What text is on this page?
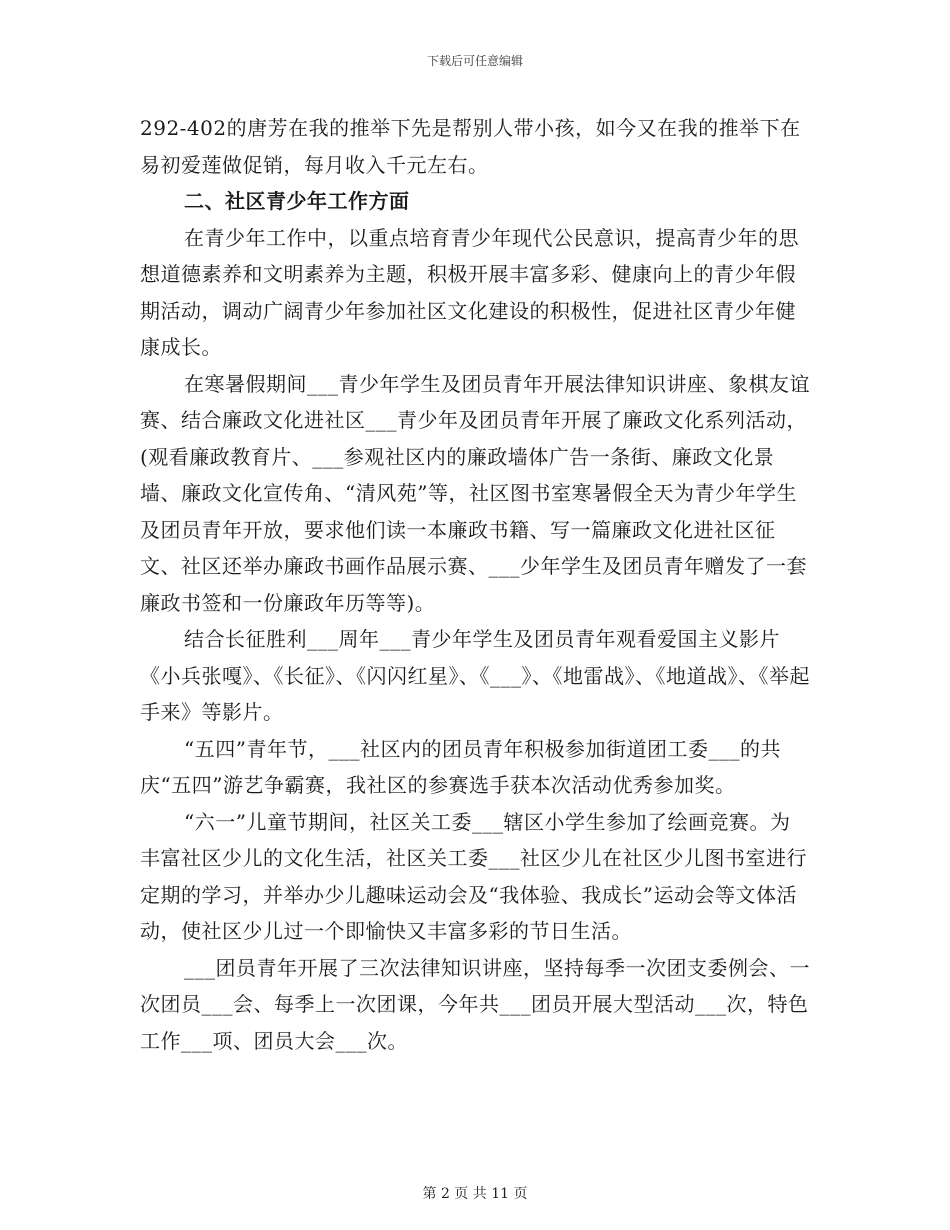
下载后可任意编辑

292-402的唐芳在我的推举下先是帮别人带小孩，如今又在我的推举下在易初爱莲做促销，每月收入千元左右。

二、社区青少年工作方面

在青少年工作中，以重点培育青少年现代公民意识，提高青少年的思想道德素养和文明素养为主题，积极开展丰富多彩、健康向上的青少年假期活动，调动广阔青少年参加社区文化建设的积极性，促进社区青少年健康成长。

在寒暑假期间___青少年学生及团员青年开展法律知识讲座、象棋友谊赛、结合廉政文化进社区___青少年及团员青年开展了廉政文化系列活动，(观看廉政教育片、___参观社区内的廉政墙体广告一条街、廉政文化景墙、廉政文化宣传角、“清风苑”等，社区图书室寒暑假全天为青少年学生及团员青年开放，要求他们读一本廉政书籍、写一篇廉政文化进社区征文、社区还举办廉政书画作品展示赛、___少年学生及团员青年赠发了一套廉政书签和一份廉政年历等等)。

结合长征胜利___周年___青少年学生及团员青年观看爱国主义影片《小兵张嘎》、《长征》、《闪闪红星》、《___》、《地雷战》、《地道战》、《举起手来》等影片。

“五四”青年节，___社区内的团员青年积极参加街道团工委___的共庆“五四”游艺争霸赛，我社区的参赛选手获本次活动优秀参加奖。

“六一”儿童节期间，社区关工委___辖区小学生参加了绘画竞赛。为丰富社区少儿的文化生活，社区关工委___社区少儿在社区少儿图书室进行定期的学习，并举办少儿趣味运动会及“我体验、我成长”运动会等文体活动，使社区少儿过一个即愉快又丰富多彩的节日生活。

___团员青年开展了三次法律知识讲座，坚持每季一次团支委例会、一次团员___会、每季上一次团课，今年共___团员开展大型活动___次，特色工作___项、团员大会___次。

第 2 页 共 11 页
